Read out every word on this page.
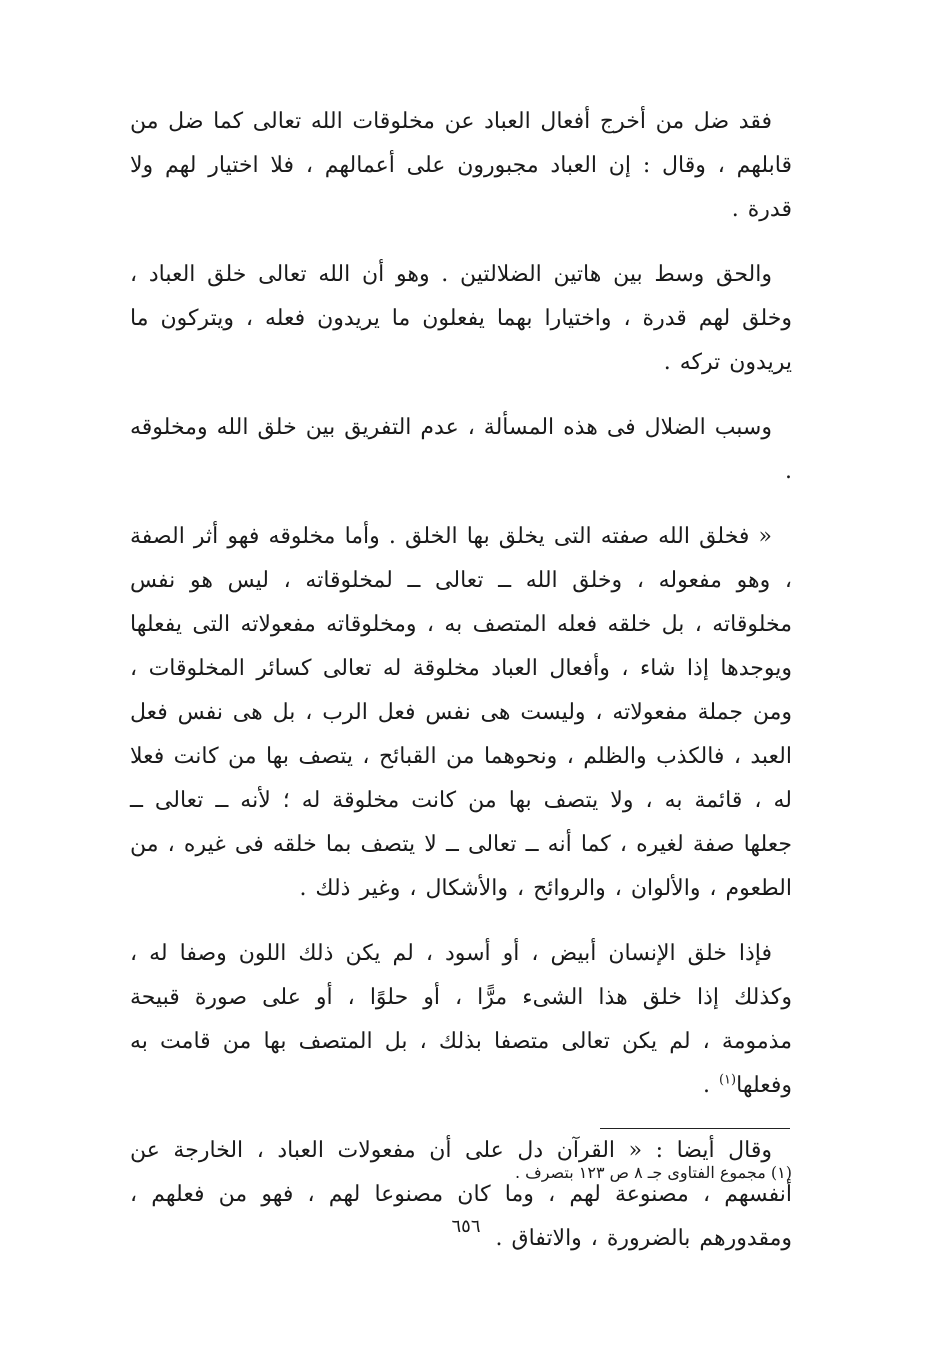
فقد ضل من أخرج أفعال العباد عن مخلوقات الله تعالى كما ضل من قابلهم ، وقال : إن العباد مجبورون على أعمالهم ، فلا اختيار لهم ولا قدرة .

والحق وسط بين هاتين الضلالتين . وهو أن الله تعالى خلق العباد ، وخلق لهم قدرة ، واختيارا بهما يفعلون ما يريدون فعله ، ويتركون ما يريدون تركه .

وسبب الضلال فى هذه المسألة ، عدم التفريق بين خلق الله ومخلوقه .

« فخلق الله صفته التى يخلق بها الخلق . وأما مخلوقه فهو أثر الصفة ، وهو مفعوله ، وخلق الله ــ تعالى ــ لمخلوقاته ، ليس هو نفس مخلوقاته ، بل خلقه فعله المتصف به ، ومخلوقاته مفعولاته التى يفعلها ويوجدها إذا شاء ، وأفعال العباد مخلوقة له تعالى كسائر المخلوقات ، ومن جملة مفعولاته ، وليست هى نفس فعل الرب ، بل هى نفس فعل العبد ، فالكذب والظلم ، ونحوهما من القبائح ، يتصف بها من كانت فعلا له ، قائمة به ، ولا يتصف بها من كانت مخلوقة له ؛ لأنه ــ تعالى ــ جعلها صفة لغيره ، كما أنه ــ تعالى ــ لا يتصف بما خلقه فى غيره ، من الطعوم ، والألوان ، والروائح ، والأشكال ، وغير ذلك .

فإذا خلق الإنسان أبيض ، أو أسود ، لم يكن ذلك اللون وصفا له ، وكذلك إذا خلق هذا الشىء مرًّا ، أو حلوًا ، أو على صورة قبيحة مذمومة ، لم يكن تعالى متصفا بذلك ، بل المتصف بها من قامت به وفعلها$^{(١)}$ .

وقال أيضا : « القرآن دل على أن مفعولات العباد ، الخارجة عن أنفسهم ، مصنوعة لهم ، وما كان مصنوعا لهم ، فهو من فعلهم ، ومقدورهم بالضرورة ، والاتفاق .

(١) مجموع الفتاوى جـ ٨ ص ١٢٣ بتصرف .
٦٥٦
